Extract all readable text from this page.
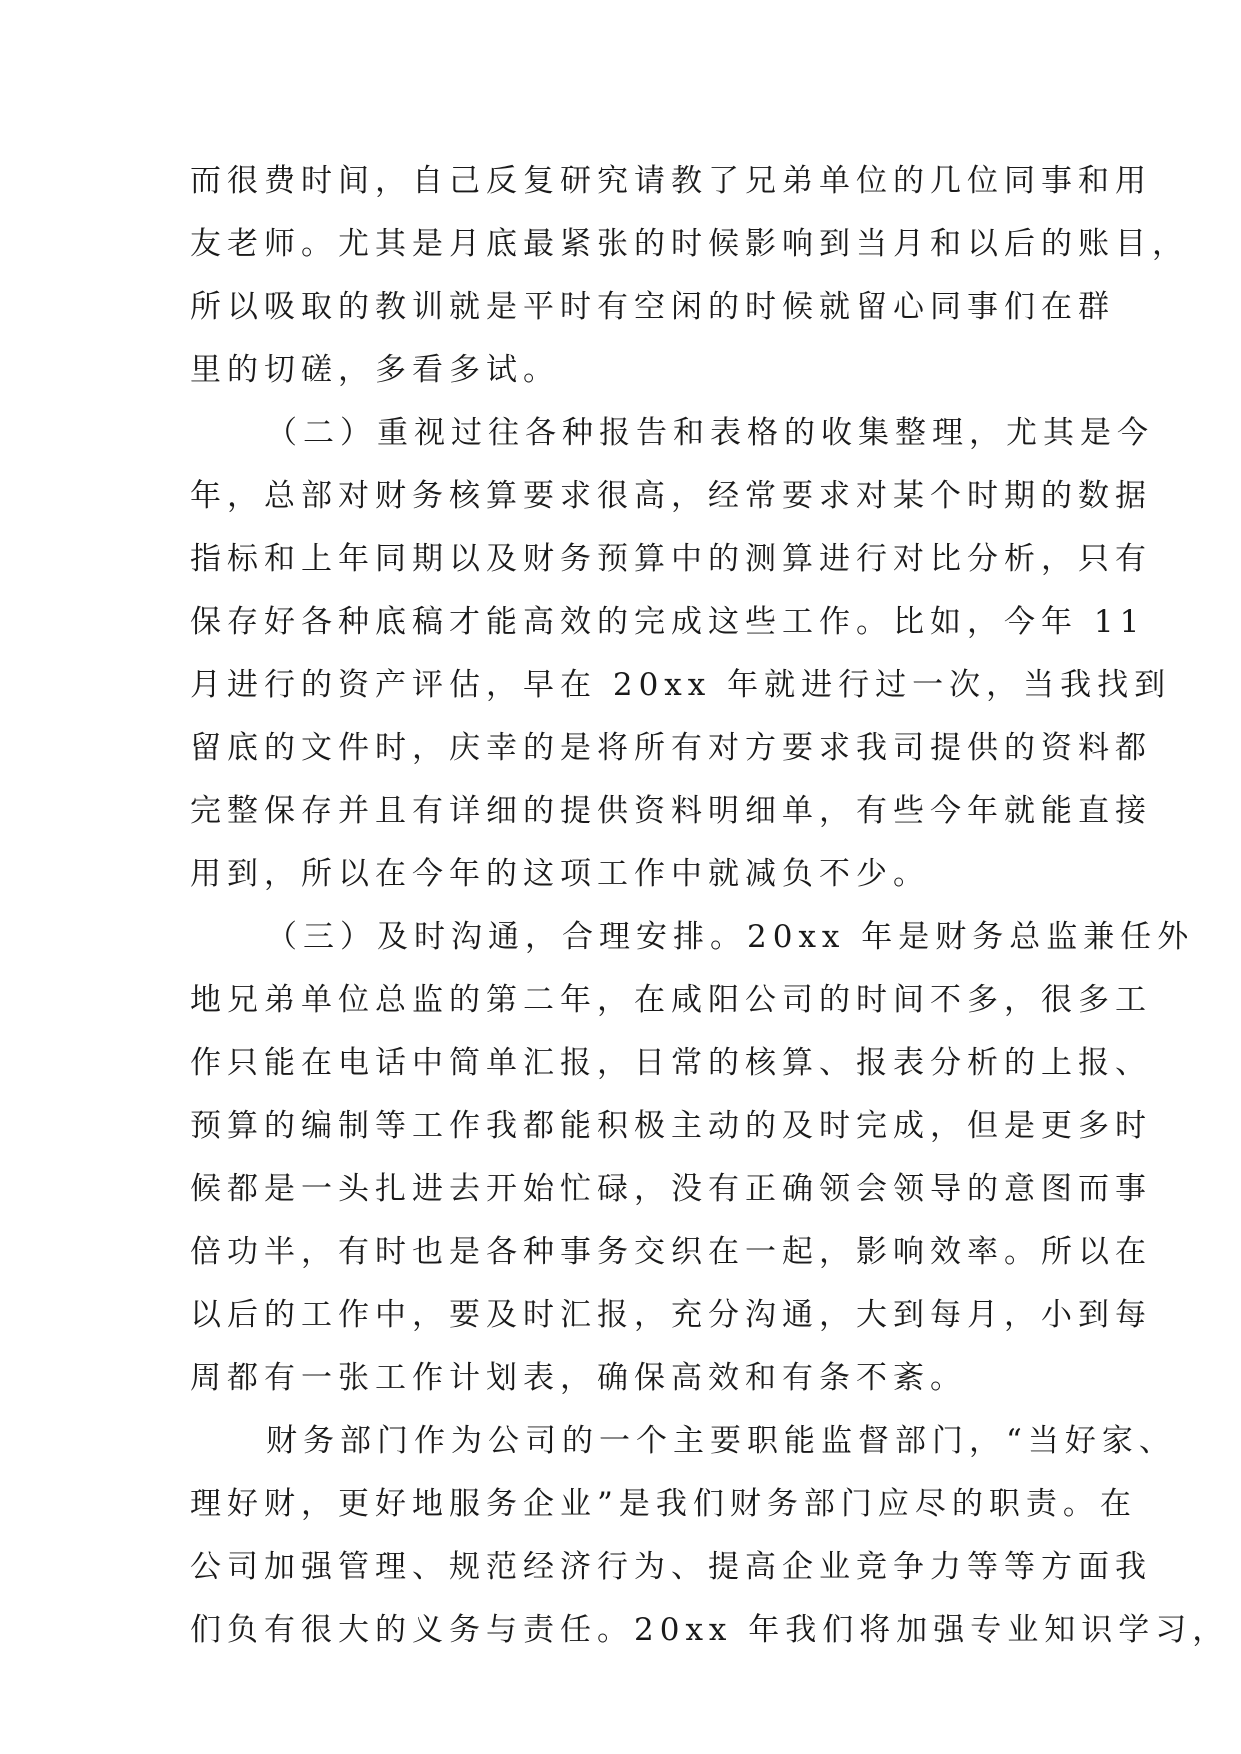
而很费时间，自己反复研究请教了兄弟单位的几位同事和用
友老师。尤其是月底最紧张的时候影响到当月和以后的账目，
所以吸取的教训就是平时有空闲的时候就留心同事们在群
里的切磋，多看多试。
（二）重视过往各种报告和表格的收集整理，尤其是今
年，总部对财务核算要求很高，经常要求对某个时期的数据
指标和上年同期以及财务预算中的测算进行对比分析，只有
保存好各种底稿才能高效的完成这些工作。比如，今年 11
月进行的资产评估，早在 20xx 年就进行过一次，当我找到
留底的文件时，庆幸的是将所有对方要求我司提供的资料都
完整保存并且有详细的提供资料明细单，有些今年就能直接
用到，所以在今年的这项工作中就减负不少。
（三）及时沟通，合理安排。20xx 年是财务总监兼任外
地兄弟单位总监的第二年，在咸阳公司的时间不多，很多工
作只能在电话中简单汇报，日常的核算、报表分析的上报、
预算的编制等工作我都能积极主动的及时完成，但是更多时
候都是一头扎进去开始忙碌，没有正确领会领导的意图而事
倍功半，有时也是各种事务交织在一起，影响效率。所以在
以后的工作中，要及时汇报，充分沟通，大到每月，小到每
周都有一张工作计划表，确保高效和有条不紊。
财务部门作为公司的一个主要职能监督部门，“当好家、
理好财，更好地服务企业”是我们财务部门应尽的职责。在
公司加强管理、规范经济行为、提高企业竞争力等等方面我
们负有很大的义务与责任。20xx 年我们将加强专业知识学习，
